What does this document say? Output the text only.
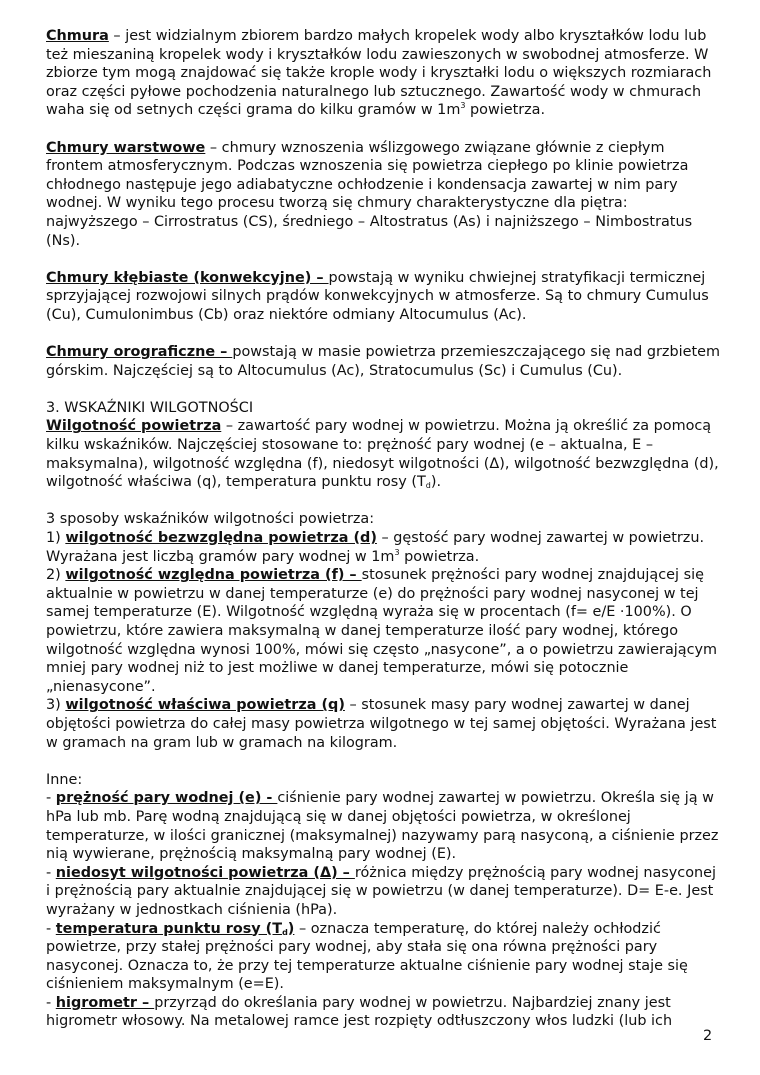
Chmura – jest widzialnym zbiorem bardzo małych kropelek wody albo kryształków lodu lub też mieszaniną kropelek wody i kryształków lodu zawieszonych w swobodnej atmosferze. W zbiorze tym mogą znajdować się także krople wody i kryształki lodu o większych rozmiarach oraz części pyłowe pochodzenia naturalnego lub sztucznego. Zawartość wody w chmurach waha się od setnych części grama do kilku gramów w $1m^3$ powietrza.

Chmury warstwowe – chmury wznoszenia wślizgowego związane głównie z ciepłym frontem atmosferycznym. Podczas wznoszenia się powietrza ciepłego po klinie powietrza chłodnego następuje jego adiabatyczne ochłodzenie i kondensacja zawartej w nim pary wodnej. W wyniku tego procesu tworzą się chmury charakterystyczne dla piętra: najwyższego – Cirrostratus (CS), średniego – Altostratus (As) i najniższego – Nimbostratus (Ns).

Chmury kłębiaste (konwekcyjne) – powstają w wyniku chwiejnej stratyfikacji termicznej sprzyjającej rozwojowi silnych prądów konwekcyjnych w atmosferze. Są to chmury Cumulus (Cu), Cumulonimbus (Cb) oraz niektóre odmiany Altocumulus (Ac).

Chmury orograficzne – powstają w masie powietrza przemieszczającego się nad grzbietem górskim. Najczęściej są to Altocumulus (Ac), Stratocumulus (Sc) i Cumulus (Cu).

3. WSKAŹNIKI WILGOTNOŚCI

Wilgotność powietrza – zawartość pary wodnej w powietrzu. Można ją określić za pomocą kilku wskaźników. Najczęściej stosowane to: prężność pary wodnej (e – aktualna, E – maksymalna), wilgotność względna (f), niedosyt wilgotności (Δ), wilgotność bezwzględna (d), wilgotność właściwa (q), temperatura punktu rosy $(T_d)$.

3 sposoby wskaźników wilgotności powietrza:

1) wilgotność bezwzględna powietrza (d) – gęstość pary wodnej zawartej w powietrzu. Wyrażana jest liczbą gramów pary wodnej w $1m^3$ powietrza.

2) wilgotność względna powietrza (f) – stosunek prężności pary wodnej znajdującej się aktualnie w powietrzu w danej temperaturze (e) do prężności pary wodnej nasyconej w tej samej temperaturze (E). Wilgotność względną wyraża się w procentach (f= e/E ·100%). O powietrzu, które zawiera maksymalną w danej temperaturze ilość pary wodnej, którego wilgotność względna wynosi 100%, mówi się często „nasycone”, a o powietrzu zawierającym mniej pary wodnej niż to jest możliwe w danej temperaturze, mówi się potocznie „nienasycone”.

3) wilgotność właściwa powietrza (q) – stosunek masy pary wodnej zawartej w danej objętości powietrza do całej masy powietrza wilgotnego w tej samej objętości. Wyrażana jest w gramach na gram lub w gramach na kilogram.

Inne:

- prężność pary wodnej (e) - ciśnienie pary wodnej zawartej w powietrzu. Określa się ją w hPa lub mb. Parę wodną znajdującą się w danej objętości powietrza, w określonej temperaturze, w ilości granicznej (maksymalnej) nazywamy parą nasyconą, a ciśnienie przez nią wywierane, prężnością maksymalną pary wodnej (E).

- niedosyt wilgotności powietrza (Δ) – różnica między prężnością pary wodnej nasyconej i prężnością pary aktualnie znajdującej się w powietrzu (w danej temperaturze). D= E-e. Jest wyrażany w jednostkach ciśnienia (hPa).

- temperatura punktu rosy $(T_d)$ – oznacza temperaturę, do której należy ochłodzić powietrze, przy stałej prężności pary wodnej, aby stała się ona równa prężności pary nasyconej. Oznacza to, że przy tej temperaturze aktualne ciśnienie pary wodnej staje się ciśnieniem maksymalnym (e=E).

- higrometr – przyrząd do określania pary wodnej w powietrzu. Najbardziej znany jest higrometr włosowy. Na metalowej ramce jest rozpięty odtłuszczony włos ludzki (lub ich

2
